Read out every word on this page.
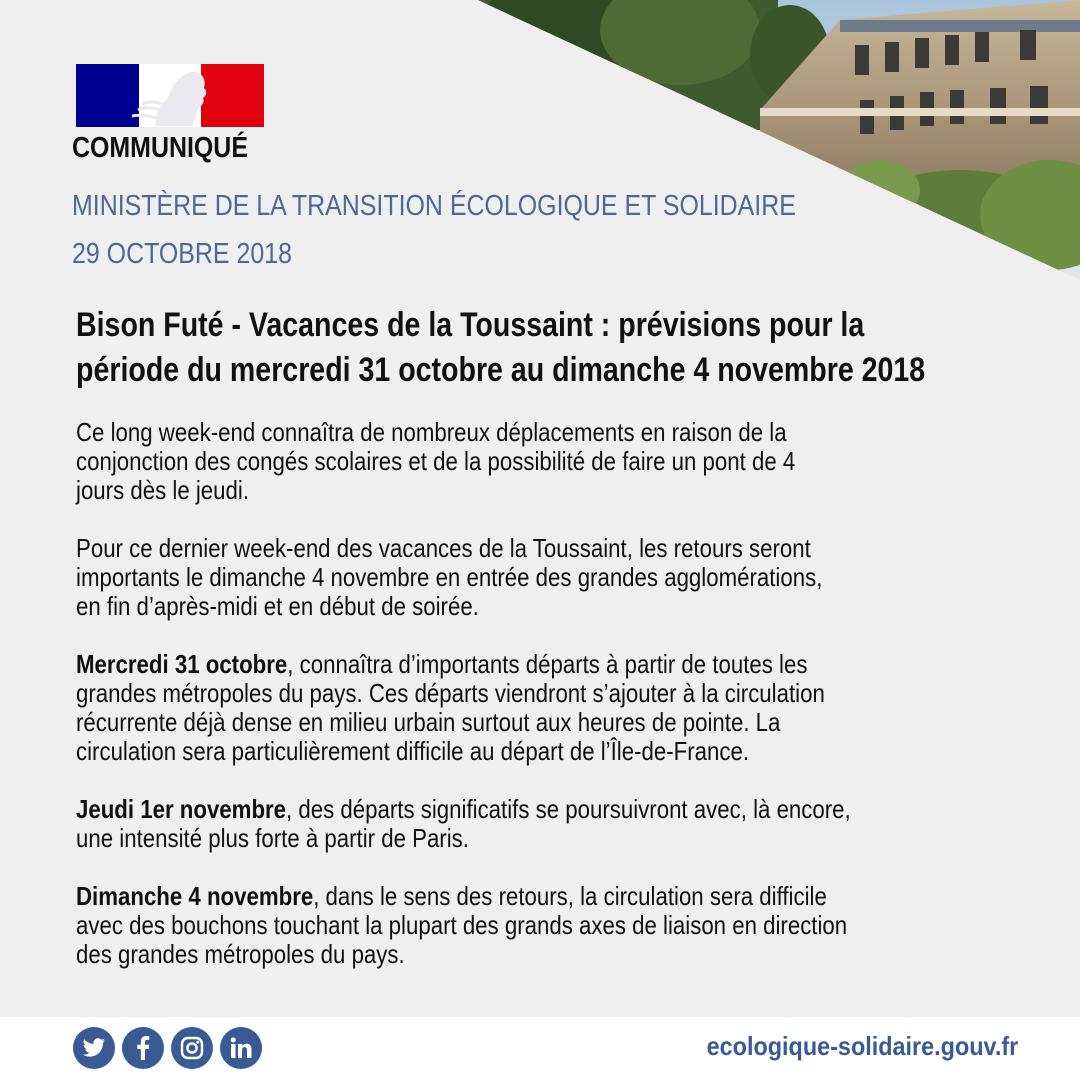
COMMUNIQUÉ
MINISTÈRE DE LA TRANSITION ÉCOLOGIQUE ET SOLIDAIRE
29 OCTOBRE 2018
Bison Futé - Vacances de la Toussaint : prévisions pour la
période du mercredi 31 octobre au dimanche 4 novembre 2018

Ce long week-end connaîtra de nombreux déplacements en raison de la
conjonction des congés scolaires et de la possibilité de faire un pont de 4
jours dès le jeudi.

Pour ce dernier week-end des vacances de la Toussaint, les retours seront
importants le dimanche 4 novembre en entrée des grandes agglomérations,
en fin d’après-midi et en début de soirée.

Mercredi 31 octobre, connaîtra d’importants départs à partir de toutes les
grandes métropoles du pays. Ces départs viendront s’ajouter à la circulation
récurrente déjà dense en milieu urbain surtout aux heures de pointe. La
circulation sera particulièrement difficile au départ de l’Île-de-France.

Jeudi 1er novembre, des départs significatifs se poursuivront avec, là encore,
une intensité plus forte à partir de Paris.

Dimanche 4 novembre, dans le sens des retours, la circulation sera difficile
avec des bouchons touchant la plupart des grands axes de liaison en direction
des grandes métropoles du pays.

ecologique-solidaire.gouv.fr
